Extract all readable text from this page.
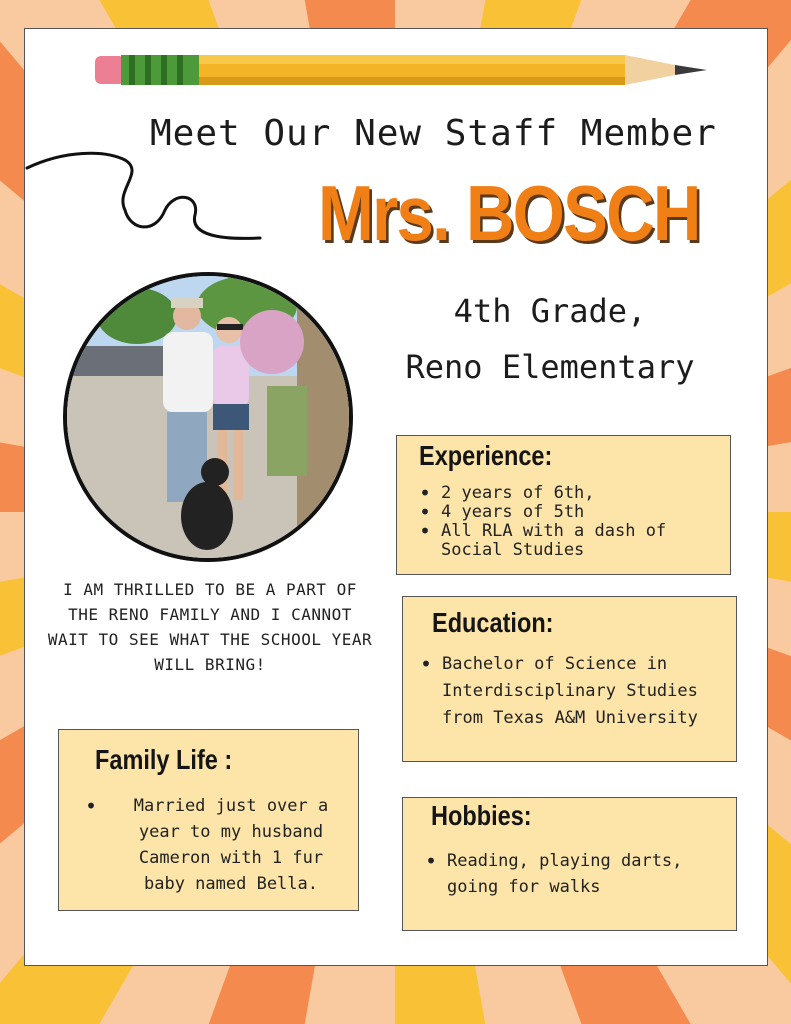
Meet Our New Staff Member
Mrs. BOSCH
4th Grade,
Reno Elementary
I AM THRILLED TO BE A PART OF THE RENO FAMILY AND I CANNOT WAIT TO SEE WHAT THE SCHOOL YEAR WILL BRING!
Experience:
• 2 years of 6th,
• 4 years of 5th
• All RLA with a dash of Social Studies
Education:
• Bachelor of Science in Interdisciplinary Studies from Texas A&M University
Family Life :
• Married just over a year to my husband Cameron with 1 fur baby named Bella.
Hobbies:
• Reading, playing darts, going for walks
